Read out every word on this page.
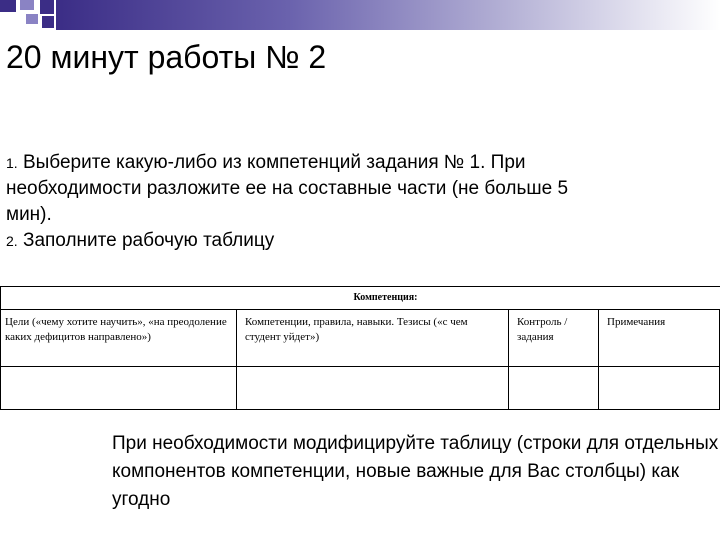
20 минут работы № 2
1. Выберите какую-либо из компетенций задания № 1. При необходимости разложите ее на составные части (не больше 5 мин).
2. Заполните рабочую таблицу
Компетенция:
Цели («чему хотите научить», «на преодоление каких дефицитов направлено»)
Компетенции, правила, навыки. Тезисы («с чем студент уйдет»)
Контроль / задания
Примечания

При необходимости модифицируйте таблицу (строки для отдельных компонентов компетенции, новые важные для Вас столбцы) как угодно
